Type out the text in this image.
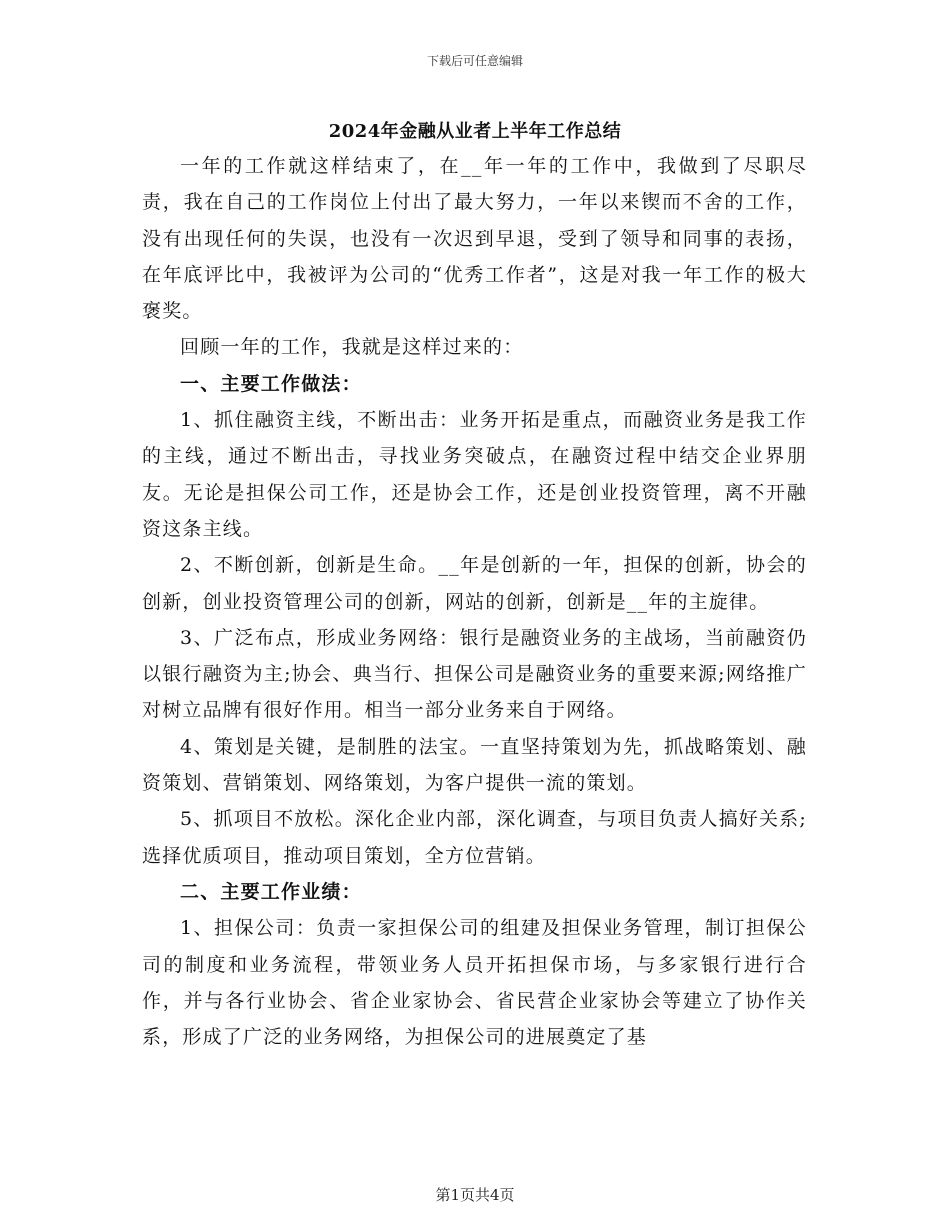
下载后可任意编辑
2024年金融从业者上半年工作总结

一年的工作就这样结束了，在__年一年的工作中，我做到了尽职尽责，我在自己的工作岗位上付出了最大努力，一年以来锲而不舍的工作，没有出现任何的失误，也没有一次迟到早退，受到了领导和同事的表扬，在年底评比中，我被评为公司的“优秀工作者”，这是对我一年工作的极大褒奖。

回顾一年的工作，我就是这样过来的：

一、主要工作做法：

1、抓住融资主线，不断出击：业务开拓是重点，而融资业务是我工作的主线，通过不断出击，寻找业务突破点，在融资过程中结交企业界朋友。无论是担保公司工作，还是协会工作，还是创业投资管理，离不开融资这条主线。

2、不断创新，创新是生命。__年是创新的一年，担保的创新，协会的创新，创业投资管理公司的创新，网站的创新，创新是__年的主旋律。

3、广泛布点，形成业务网络：银行是融资业务的主战场，当前融资仍以银行融资为主;协会、典当行、担保公司是融资业务的重要来源;网络推广对树立品牌有很好作用。相当一部分业务来自于网络。

4、策划是关键，是制胜的法宝。一直坚持策划为先，抓战略策划、融资策划、营销策划、网络策划，为客户提供一流的策划。

5、抓项目不放松。深化企业内部，深化调查，与项目负责人搞好关系;选择优质项目，推动项目策划，全方位营销。

二、主要工作业绩：

1、担保公司：负责一家担保公司的组建及担保业务管理，制订担保公司的制度和业务流程，带领业务人员开拓担保市场，与多家银行进行合作，并与各行业协会、省企业家协会、省民营企业家协会等建立了协作关系，形成了广泛的业务网络，为担保公司的进展奠定了基

第1页共4页
